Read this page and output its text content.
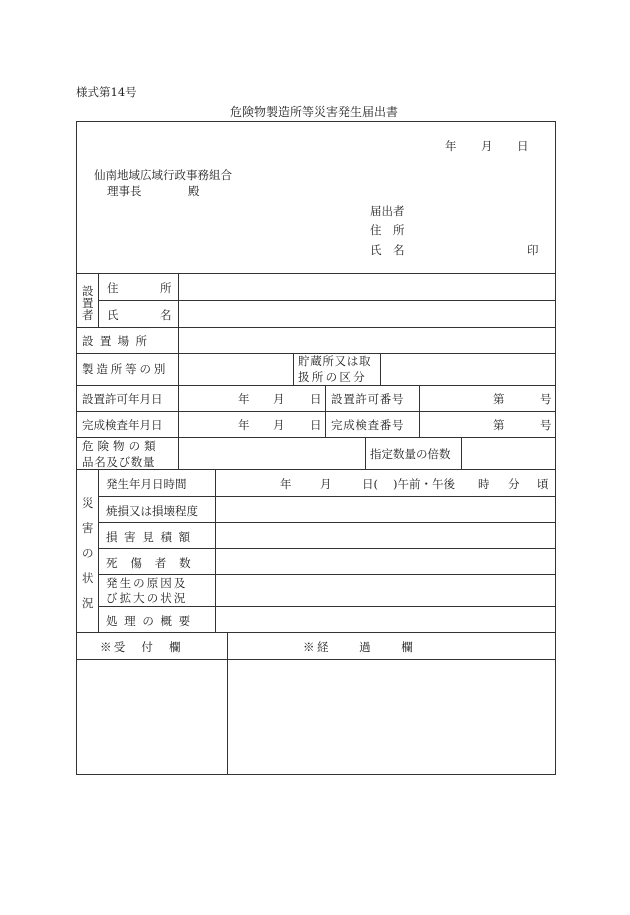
様式第14号
危険物製造所等災害発生届出書
年 月 日
仙南地域広域行政事務組合
理事長	殿
届出者
住　所
氏　名	印
設
置
者
住	所
氏	名
設置場所
製造所等の別
貯蔵所又は取
扱所の区分
設置許可年月日	年 月 日 設置許可番号	第	号
完成検査年月日	年 月 日 完成検査番号	第	号
危険物の類
品名及び数量
指定数量の倍数
災
害
の
状
況
発生年月日時間	年 月	日( )午前・午後 時 分 頃
焼損又は損壊程度
損害見積額
死傷者数
発生の原因及
び拡大の状況
処理の概要
※受　付　欄	※経　　過　　欄
